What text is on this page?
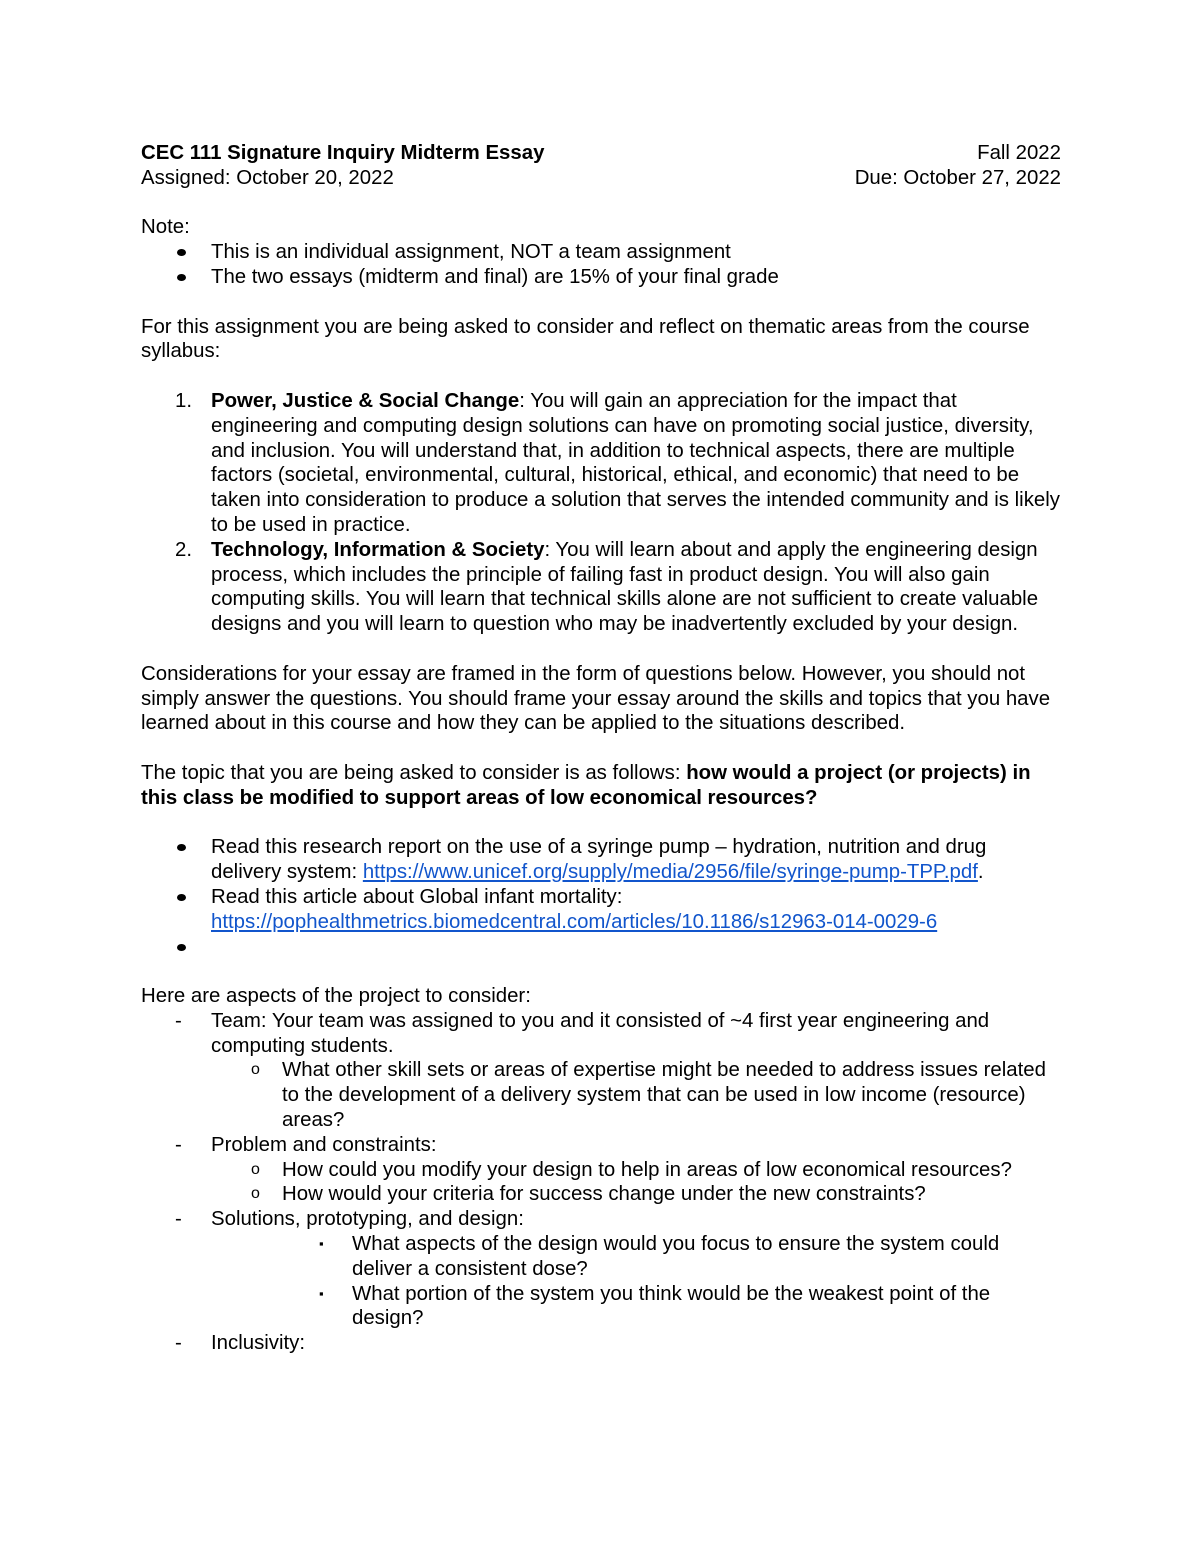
CEC 111 Signature Inquiry Midterm Essay	Fall 2022
Assigned: October 20, 2022	Due: October 27, 2022
Note:
This is an individual assignment, NOT a team assignment
The two essays (midterm and final) are 15% of your final grade
For this assignment you are being asked to consider and reflect on thematic areas from the course syllabus:
1. Power, Justice & Social Change: You will gain an appreciation for the impact that engineering and computing design solutions can have on promoting social justice, diversity, and inclusion. You will understand that, in addition to technical aspects, there are multiple factors (societal, environmental, cultural, historical, ethical, and economic) that need to be taken into consideration to produce a solution that serves the intended community and is likely to be used in practice.
2. Technology, Information & Society: You will learn about and apply the engineering design process, which includes the principle of failing fast in product design. You will also gain computing skills. You will learn that technical skills alone are not sufficient to create valuable designs and you will learn to question who may be inadvertently excluded by your design.
Considerations for your essay are framed in the form of questions below. However, you should not simply answer the questions. You should frame your essay around the skills and topics that you have learned about in this course and how they can be applied to the situations described.
The topic that you are being asked to consider is as follows: how would a project (or projects) in this class be modified to support areas of low economical resources?
Read this research report on the use of a syringe pump – hydration, nutrition and drug delivery system: https://www.unicef.org/supply/media/2956/file/syringe-pump-TPP.pdf.
Read this article about Global infant mortality: https://pophealthmetrics.biomedcentral.com/articles/10.1186/s12963-014-0029-6
Here are aspects of the project to consider:
- Team: Your team was assigned to you and it consisted of ~4 first year engineering and computing students.
o What other skill sets or areas of expertise might be needed to address issues related to the development of a delivery system that can be used in low income (resource) areas?
- Problem and constraints:
o How could you modify your design to help in areas of low economical resources?
o How would your criteria for success change under the new constraints?
- Solutions, prototyping, and design:
▪ What aspects of the design would you focus to ensure the system could deliver a consistent dose?
▪ What portion of the system you think would be the weakest point of the design?
- Inclusivity:
